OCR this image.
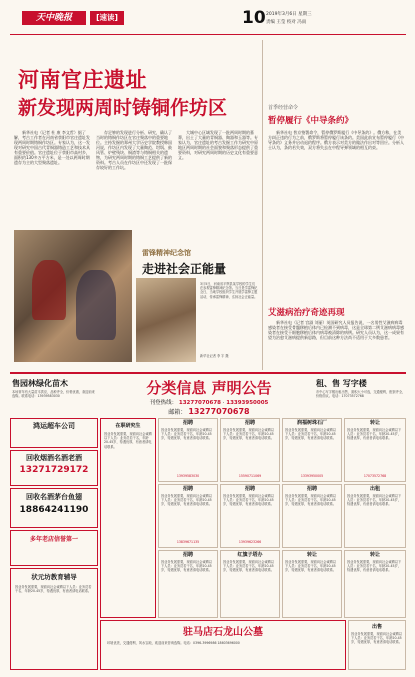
天中晚报	[速读]	10 2019年3月6日 星期三
责编 王莹 校对 冯雨
河南官庄遗址
新发现两周时铸铜作坊区
新华社电（记者 杜 康 李文哲）据了解，考古工作者在河南省荥阳市官庄遗址发现两周时期铸铜作坊区。专家认为，这一发现对研究中国古代青铜器铸造工艺和技术具有重要价值。官庄遗址位于荥阳市高村乡，面积约130多万平方米，是一处以两周时期遗存为主的大型聚落遗址。
存足够的发现进行分析、研究，确认了当时的铸铜作坊区在官庄聚落中的重要地位。主持发掘的郑州大学历史学院教授韩国河说，作坊区内发现了大量陶范、坩埚、鼓风管、炉壁残块、铜渣等与铸铜相关的遗物，为研究两周时期的铸铜工艺提供了新的资料。考古人员在作坊区中还发现了一批保存较好的工作坑。
大城中心区域发现了一批两周时期的墓葬，出土了大量的青铜器、陶器和玉器等。专家认为，官庄遗址的考古发掘工作为研究中原地区两周时期的社会面貌和聚落形态提供了重要资料，对研究两周时期的历史文化有重要意义。
雷锋精神纪念馆
走进社会正能量
3月5日，河南省平舆县某学校的学生们在参观雷锋精神纪念馆。当日是学雷锋纪念日，当地学校组织学生开展学雷锋主题活动，传承雷锋精神，弘扬社会正能量。
新华社记者 李 宇 摄
首季经营命令
暂停履行《中导条约》
新华社电 普京签署命令，暂停俄罗斯履行《中导条约》。俄方称，在美方纠正违约行为之前，俄罗斯将暂停履行该条约。美国此前宣布暂停履行《中导条约》义务并启动退约程序。俄方表示对美方的做法作出对等回应。分析人士认为，条约若失效，双方将失去在中程导弹领域的相互约束。
艾滋病治疗奇迹再现
新华社电（记者 宫淑 刘丽）英国研究人员报告说，一名男性艾滋病病毒感染者在接受骨髓移植后体内已检测不到病毒，这是全球第二例艾滋病病毒感染者在接受干细胞移植后体内病毒被清除的病例。研究人员认为，这一成果有望为治愈艾滋病提供新思路，但目前这种方法尚不适用于大多数患者。
售园林绿化苗木
本场常年有大量苗木供应，品种齐全，价格优惠，欢迎前来选购。联系电话：13939583030	分类信息 声明公告
刊登热线： 13277070678 · 13393950005
邮箱： 13277070678
租、售 写字楼
市中心写字楼出租出售，面积大小可选，交通便利，配套齐全，价格面议。电话：17073572768
鸿运超车公司
回收烟酒名酒老酒
13271729172
回收名酒茅台鱼翅
18864241190
多年老店信誉第一
状元坊教育辅导
因业务发展需要，现面向社会诚聘以下人员：业务员若干名，年龄20-45岁，待遇优厚，有意者请电话联系。
在职研究生
因业务发展需要，现面向社会诚聘以下人员：业务员若干名，年龄20-45岁，待遇优厚，有意者请电话联系。
招聘
因业务发展需要，现面向社会诚聘以下人员：业务员若干名，年龄20-45岁，待遇优厚，有意者请电话联系。
13939583030
招聘
因业务发展需要，现面向社会诚聘以下人员：业务员若干名，年龄20-45岁，待遇优厚，有意者请电话联系。
15590711069
润福树珠石厂
因业务发展需要，现面向社会诚聘以下人员：业务员若干名，年龄20-45岁，待遇优厚，有意者请电话联系。
13393950005
转让
因业务发展需要，现面向社会诚聘以下人员：业务员若干名，年龄20-45岁，待遇优厚，有意者请电话联系。
17073572768
招聘
因业务发展需要，现面向社会诚聘以下人员：业务员若干名，年龄20-45岁，待遇优厚，有意者请电话联系。
13839671135
招聘
因业务发展需要，现面向社会诚聘以下人员：业务员若干名，年龄20-45岁，待遇优厚，有意者请电话联系。
13939623266
招聘
因业务发展需要，现面向社会诚聘以下人员：业务员若干名，年龄20-45岁，待遇优厚，有意者请电话联系。
出租
因业务发展需要，现面向社会诚聘以下人员：业务员若干名，年龄20-45岁，待遇优厚，有意者请电话联系。
招聘
因业务发展需要，现面向社会诚聘以下人员：业务员若干名，年龄20-45岁，待遇优厚，有意者请电话联系。
红旗子塔办
因业务发展需要，现面向社会诚聘以下人员：业务员若干名，年龄20-45岁，待遇优厚，有意者请电话联系。
转让
因业务发展需要，现面向社会诚聘以下人员：业务员若干名，年龄20-45岁，待遇优厚，有意者请电话联系。
转让
因业务发展需要，现面向社会诚聘以下人员：业务员若干名，年龄20-45岁，待遇优厚，有意者请电话联系。
驻马店石龙山公墓
环境优美，交通便利，风水宝地，欢迎前来咨询选购。电话：0396-3996986 18603696000
出售
因业务发展需要，现面向社会诚聘以下人员：业务员若干名，年龄20-45岁，待遇优厚，有意者请电话联系。
